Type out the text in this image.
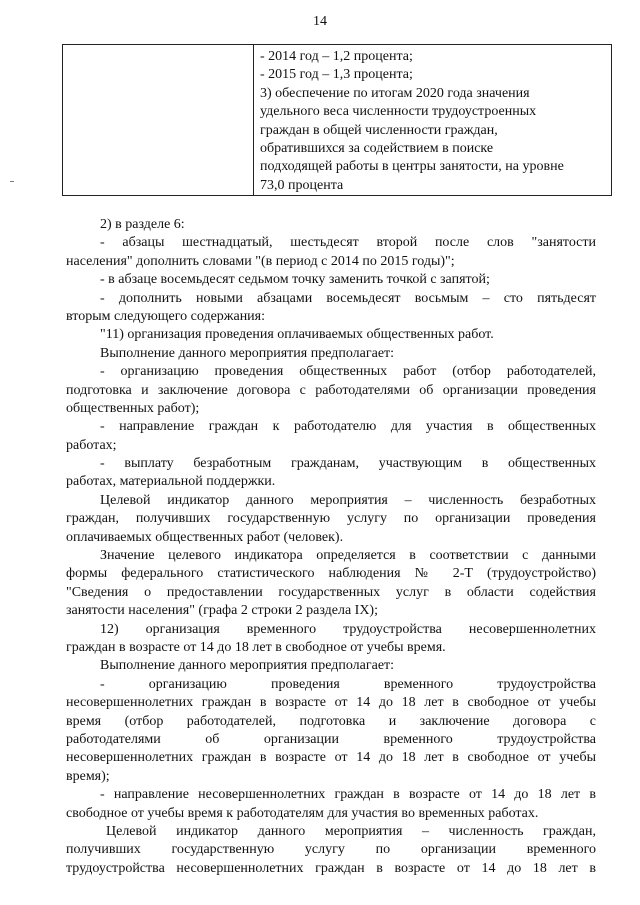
14

- 2014 год – 1,2 процента;
- 2015 год – 1,3 процента;
3) обеспечение по итогам 2020 года значения
удельного веса численности трудоустроенных
граждан в общей численности граждан,
обратившихся за содействием в поиске
подходящей работы в центры занятости, на уровне
73,0 процента
2) в разделе 6:
- абзацы шестнадцатый, шестьдесят второй после слов "занятости
населения" дополнить словами "(в период с 2014 по 2015 годы)";
- в абзаце восемьдесят седьмом точку заменить точкой с запятой;
- дополнить новыми абзацами восемьдесят восьмым – сто пятьдесят
вторым следующего содержания:
"11) организация проведения оплачиваемых общественных работ.
Выполнение данного мероприятия предполагает:
- организацию проведения общественных работ (отбор работодателей,
подготовка и заключение договора с работодателями об организации проведения
общественных работ);
- направление граждан к работодателю для участия в общественных
работах;
- выплату безработным гражданам, участвующим в общественных
работах, материальной поддержки.
Целевой индикатор данного мероприятия – численность безработных
граждан, получивших государственную услугу по организации проведения
оплачиваемых общественных работ (человек).
Значение целевого индикатора определяется в соответствии с данными
формы федерального статистического наблюдения № 2-Т (трудоустройство)
"Сведения о предоставлении государственных услуг в области содействия
занятости населения" (графа 2 строки 2 раздела IX);
12) организация временного трудоустройства несовершеннолетних
граждан в возрасте от 14 до 18 лет в свободное от учебы время.
Выполнение данного мероприятия предполагает:
- организацию проведения временного трудоустройства
несовершеннолетних граждан в возрасте от 14 до 18 лет в свободное от учебы
время (отбор работодателей, подготовка и заключение договора с
работодателями об организации временного трудоустройства
несовершеннолетних граждан в возрасте от 14 до 18 лет в свободное от учебы
время);
- направление несовершеннолетних граждан в возрасте от 14 до 18 лет в
свободное от учебы время к работодателям для участия во временных работах.
Целевой индикатор данного мероприятия – численность граждан,
получивших государственную услугу по организации временного
трудоустройства несовершеннолетних граждан в возрасте от 14 до 18 лет в
